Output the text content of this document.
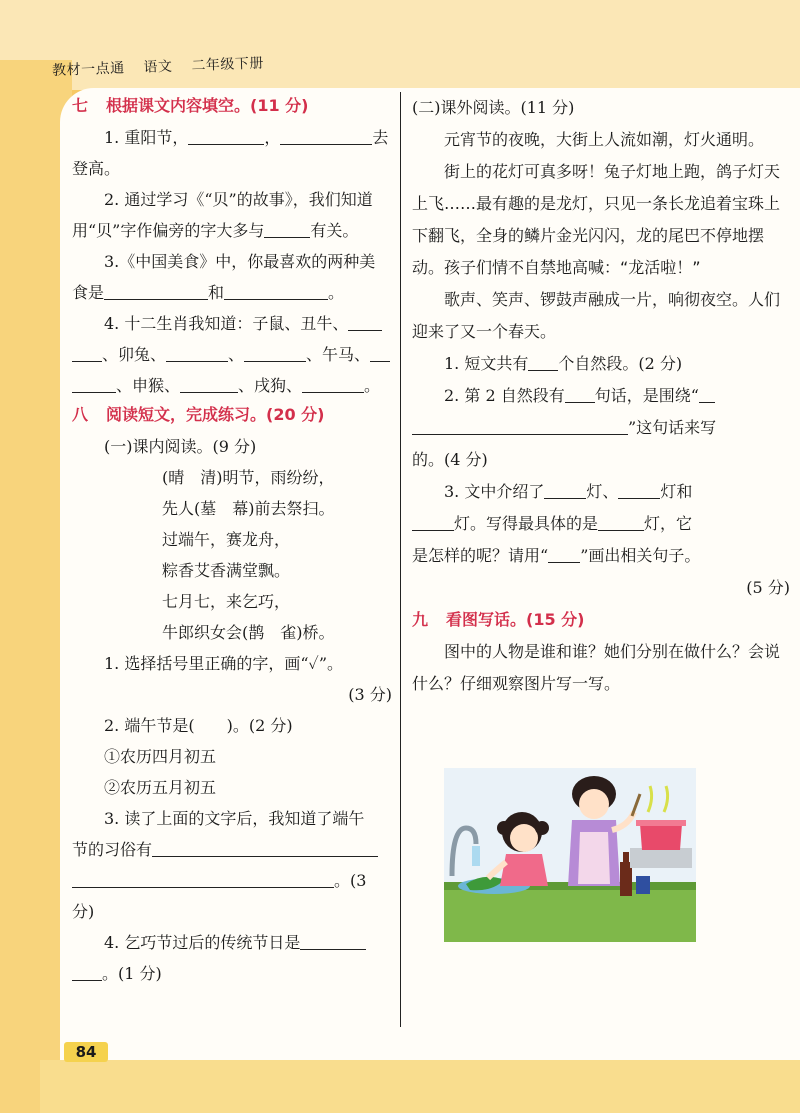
教材一点通 语文 二年级下册
七 根据课文内容填空。(11 分)

1. 重阳节，	，	去

登高。

2. 通过学习《“贝”的故事》，我们知道

用“贝”字作偏旁的字大多与	有关。

3.《中国美食》中，你最喜欢的两种美

食是	和	。

4. 十二生肖我知道：子鼠、丑牛、

、卯兔、	、	、午马、

、申猴、	、戌狗、	。

八 阅读短文，完成练习。(20 分)

(一)课内阅读。(9 分)

(晴　清)明节，雨纷纷，

先人(墓　幕)前去祭扫。

过端午，赛龙舟，

粽香艾香满堂飘。

七月七，来乞巧，

牛郎织女会(鹊　雀)桥。

1. 选择括号里正确的字，画“✓”。

(3 分)

2. 端午节是(　　)。(2 分)

①农历四月初五

②农历五月初五

3. 读了上面的文字后，我知道了端午

节的习俗有

。(3 分)

4. 乞巧节过后的传统节日是

。(1 分)

(二)课外阅读。(11 分)

元宵节的夜晚，大街上人流如潮，灯火通明。

街上的花灯可真多呀！兔子灯地上跑，鸽子灯天上飞……最有趣的是龙灯，只见一条长龙追着宝珠上下翻飞，全身的鳞片金光闪闪，龙的尾巴不停地摆动。孩子们情不自禁地高喊：“龙活啦！”

歌声、笑声、锣鼓声融成一片，响彻夜空。人们迎来了又一个春天。

1. 短文共有 个自然段。(2 分)

2. 第 2 自然段有 句话，是围绕“

”这句话来写

的。(4 分)

3. 文中介绍了	灯、	灯和

灯。写得最具体的是	灯，它

是怎样的呢？请用“ ”画出相关句子。

(5 分)

九 看图写话。(15 分)

图中的人物是谁和谁？她们分别在做什么？会说什么？仔细观察图片写一写。

84
